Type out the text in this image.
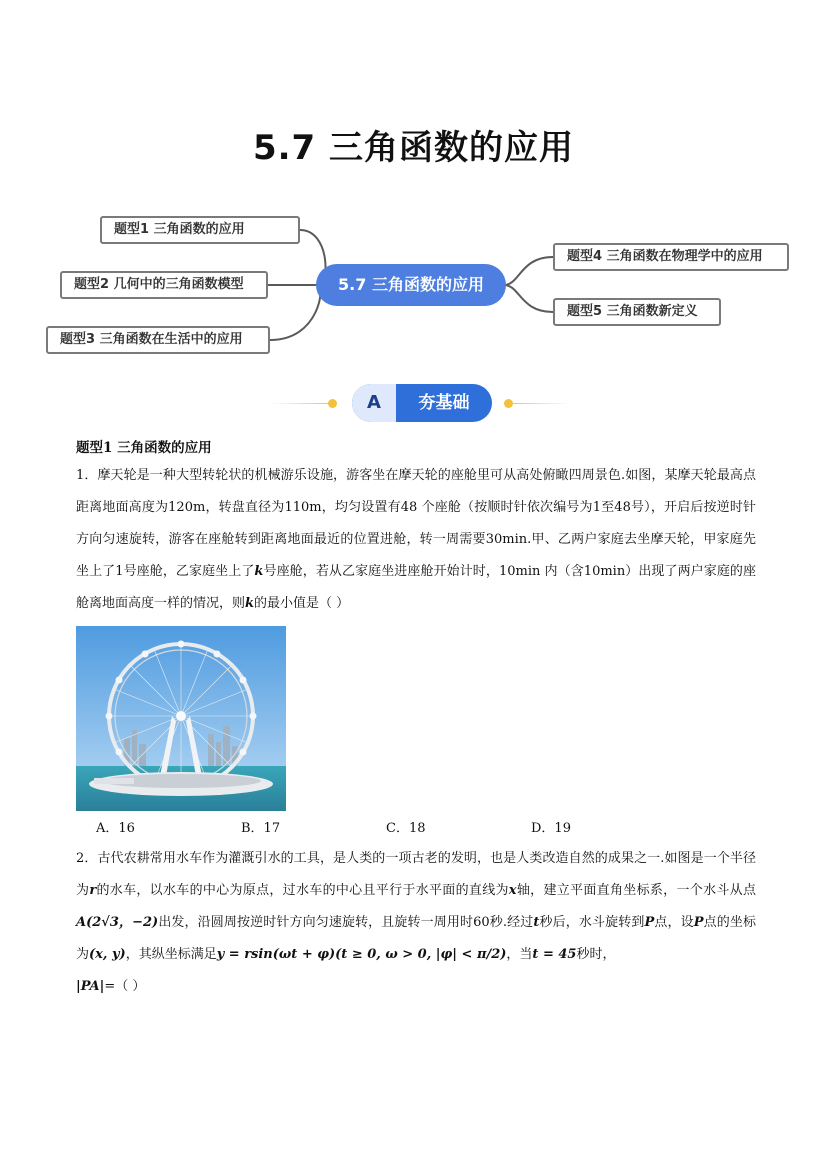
5.7 三角函数的应用
题型1 三角函数的应用
题型2 几何中的三角函数模型
题型3 三角函数在生活中的应用
5.7 三角函数的应用
题型4 三角函数在物理学中的应用
题型5 三角函数新定义
A	夯基础
题型1 三角函数的应用

1．摩天轮是一种大型转轮状的机械游乐设施，游客坐在摩天轮的座舱里可从高处俯瞰四周景色.如图，某摩天轮最高点距离地面高度为120m，转盘直径为110m，均匀设置有48 个座舱（按顺时针依次编号为1至48号），开启后按逆时针方向匀速旋转，游客在座舱转到距离地面最近的位置进舱，转一周需要30min.甲、乙两户家庭去坐摩天轮，甲家庭先坐上了1号座舱，乙家庭坐上了k号座舱，若从乙家庭坐进座舱开始计时，10min 内（含10min）出现了两户家庭的座舱离地面高度一样的情况，则k的最小值是（ ）

A．16	B．17	C．18	D．19

2．古代农耕常用水车作为灌溉引水的工具，是人类的一项古老的发明，也是人类改造自然的成果之一.如图是一个半径为r的水车，以水车的中心为原点，过水车的中心且平行于水平面的直线为x轴，建立平面直角坐标系，一个水斗从点A(2√3，−2)出发，沿圆周按逆时针方向匀速旋转，且旋转一周用时60秒.经过t秒后，水斗旋转到P点，设P点的坐标为(x, y)，其纵坐标满足y = rsin(ωt + φ)(t ≥ 0, ω > 0, |φ| < π/2)，当t = 45秒时，
|PA|=（ ）
